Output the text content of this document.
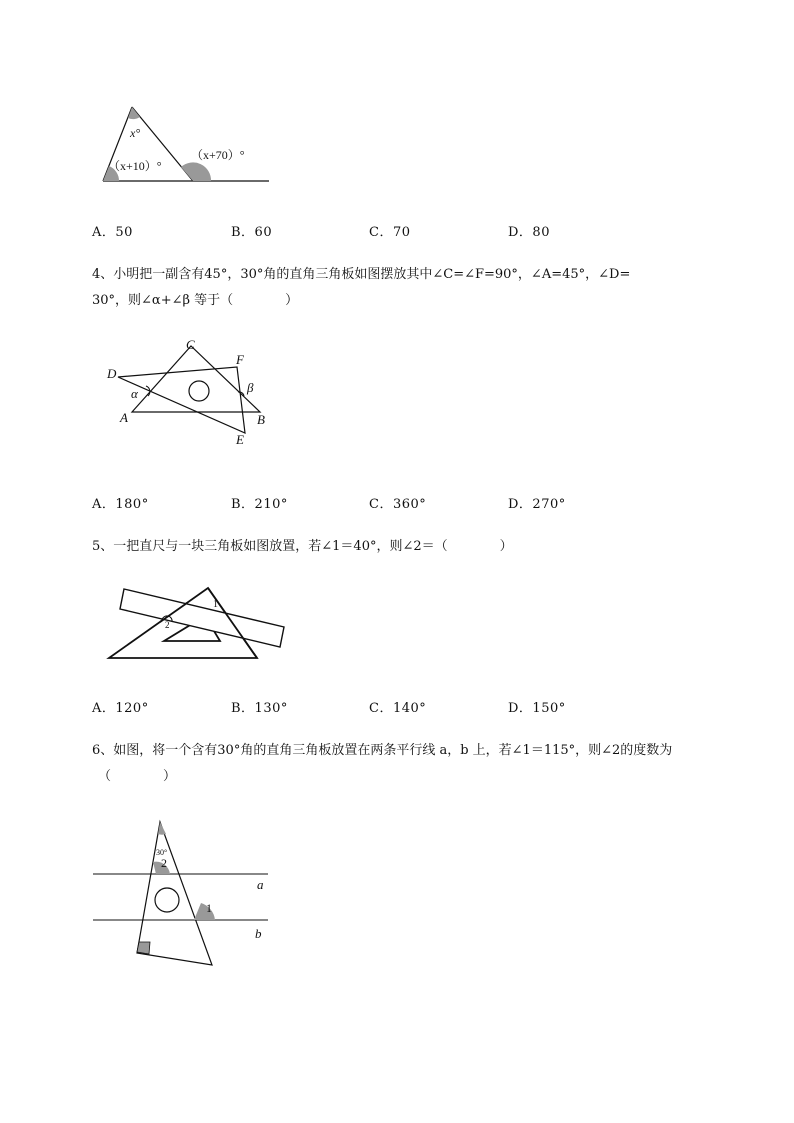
x°
（x+10）°
（x+70）°
A．50	B．60	C．70	D．80
4、小明把一副含有45°，30°角的直角三角板如图摆放其中∠C=∠F=90°，∠A=45°，∠D=
30°，则∠α+∠β 等于（　　　　）
C
F
D
β
α
A	B
E
A．180°	B．210°	C．360°	D．270°
5、一把直尺与一块三角板如图放置，若∠1＝40°，则∠2＝（　　　　）
1
2
A．120°	B．130°	C．140°	D．150°
6、如图，将一个含有30°角的直角三角板放置在两条平行线 a，b 上，若∠1＝115°，则∠2的度数为
（　　　　）
30°
2
1
a
b
